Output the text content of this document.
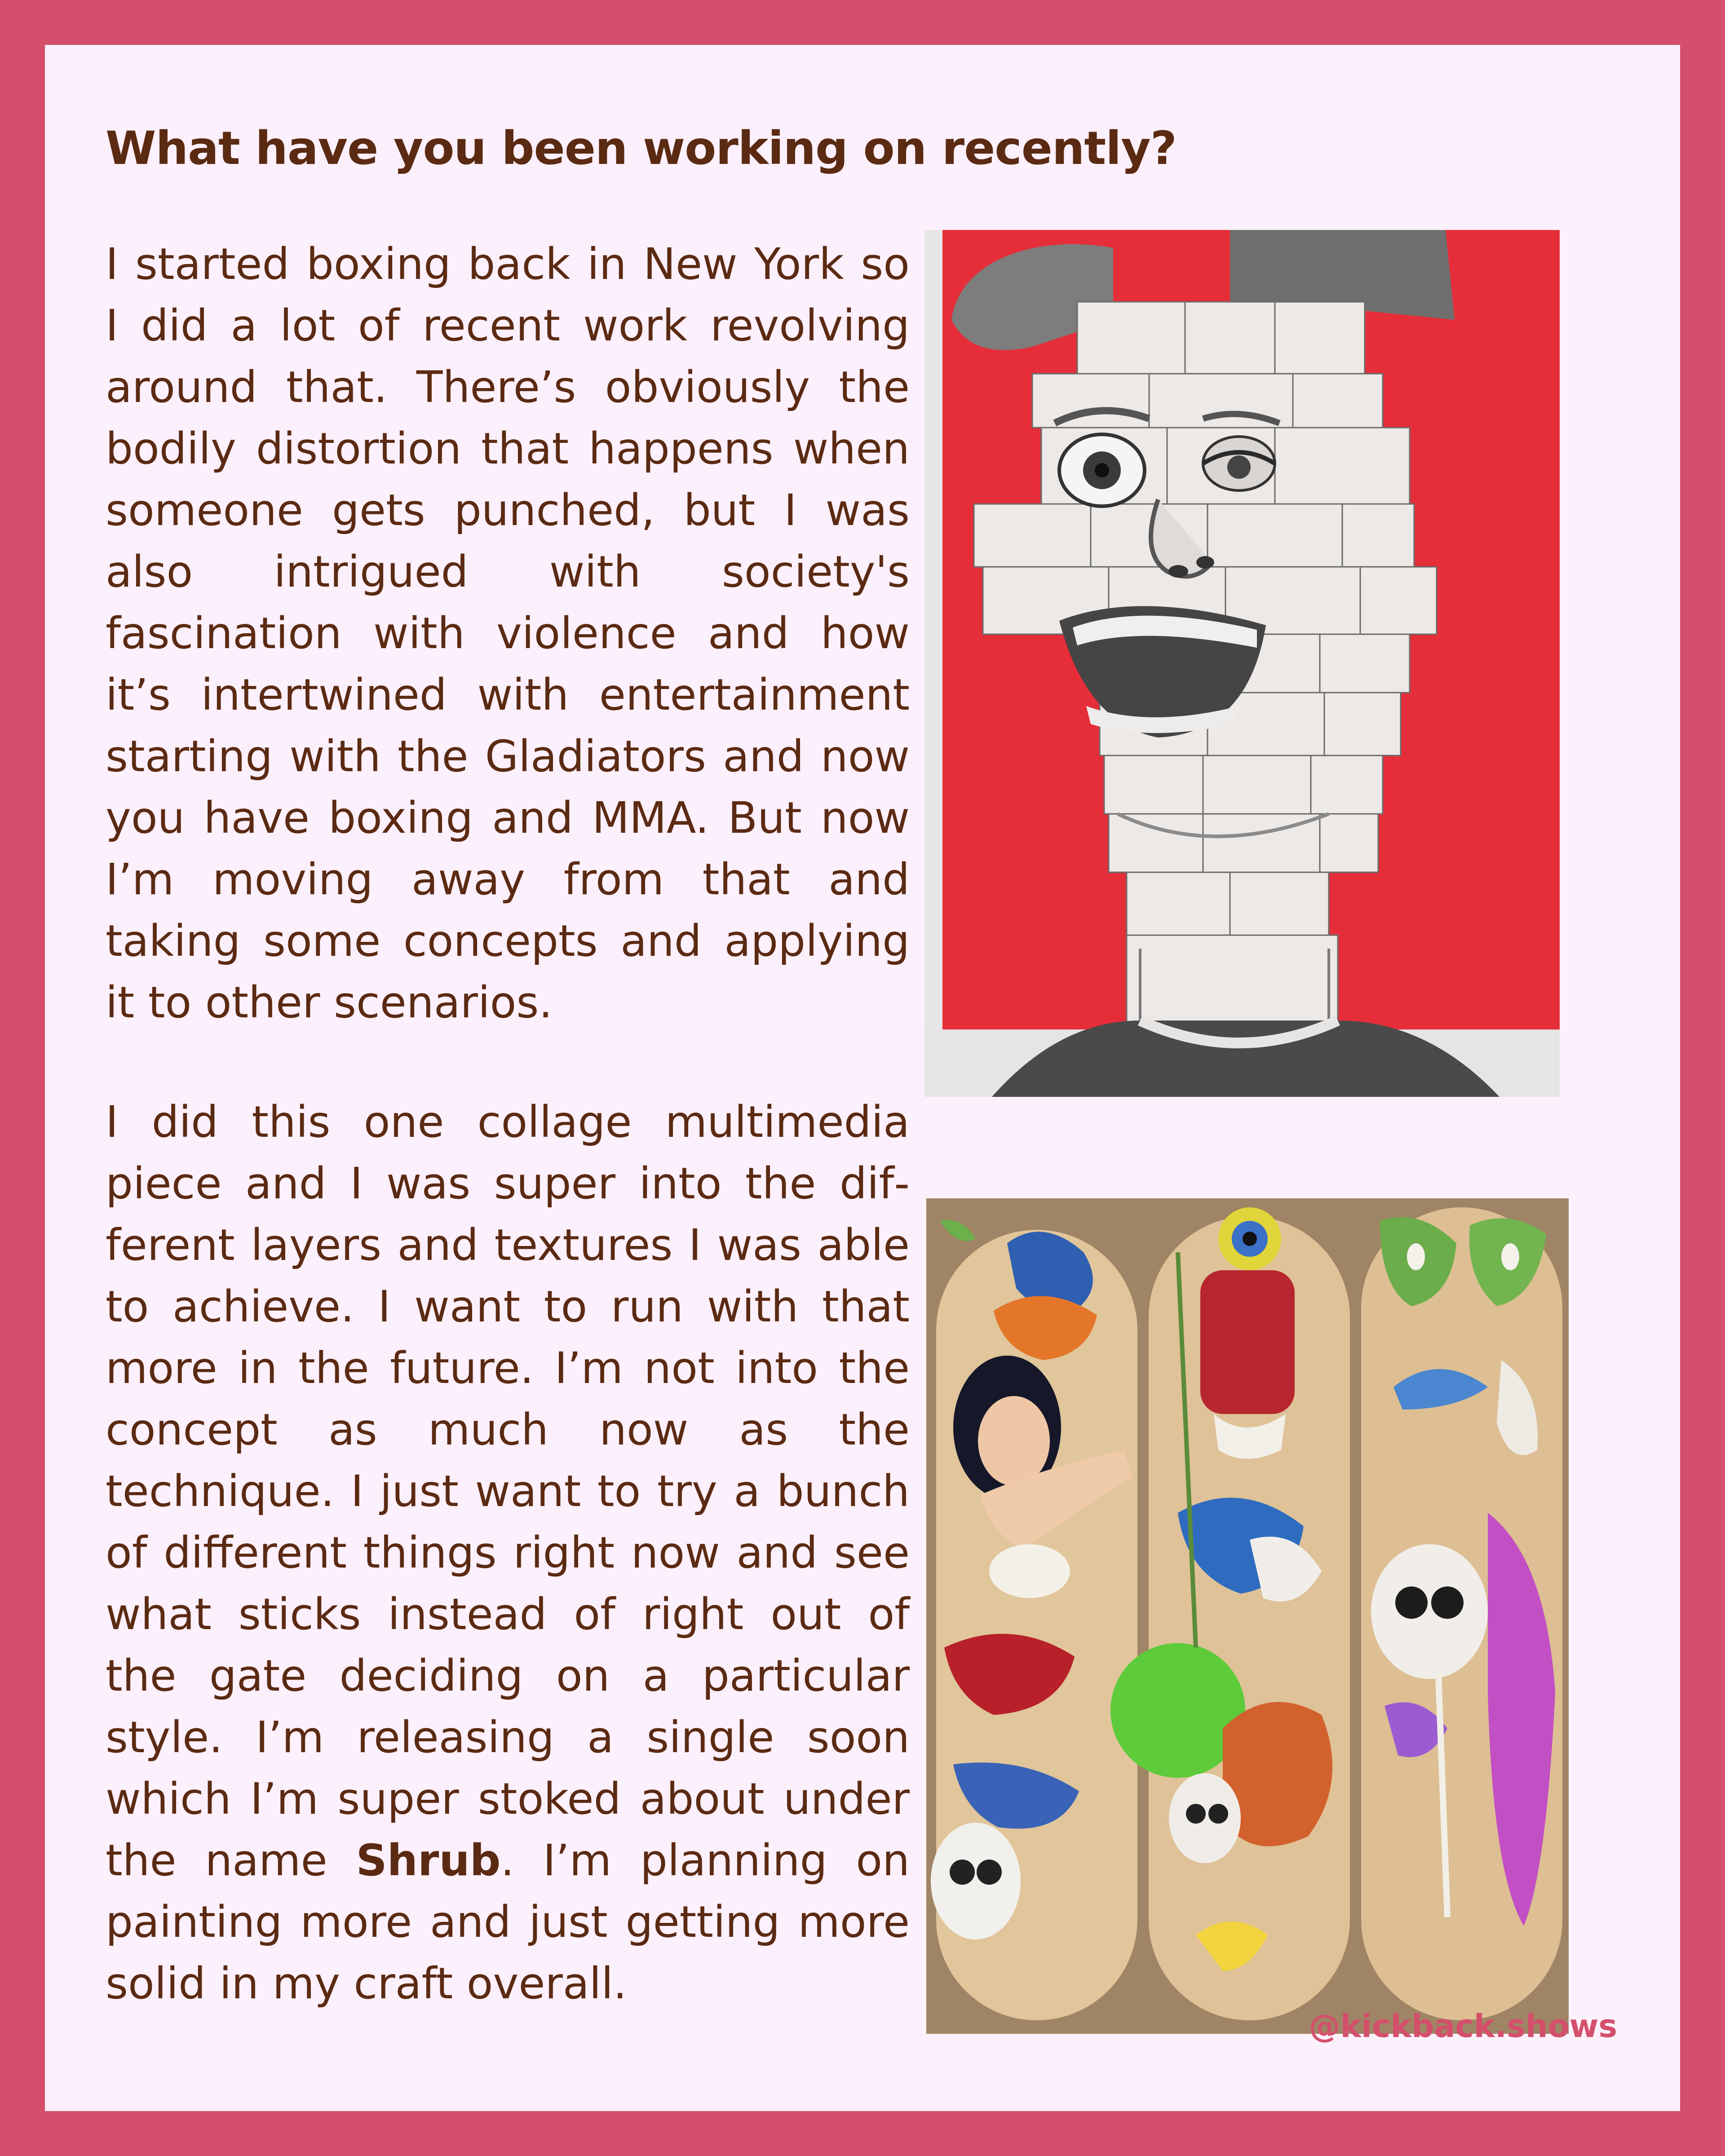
What have you been working on recently?

I started boxing back in New York so I did a lot of recent work revolving around that. There’s obviously the bodily distortion that happens when someone gets punched, but I was also intrigued with society's fascination with violence and how it’s intertwined with entertainment starting with the Gladiators and now you have boxing and MMA. But now I’m moving away from that and taking some concepts and applying it to other scenarios.

I did this one collage multimedia piece and I was super into the different layers and textures I was able to achieve. I want to run with that more in the future. I’m not into the concept as much now as the technique. I just want to try a bunch of different things right now and see what sticks instead of right out of the gate deciding on a particular style. I’m releasing a single soon which I’m super stoked about under the name Shrub. I’m planning on painting more and just getting more solid in my craft overall.

@kickback.shows
